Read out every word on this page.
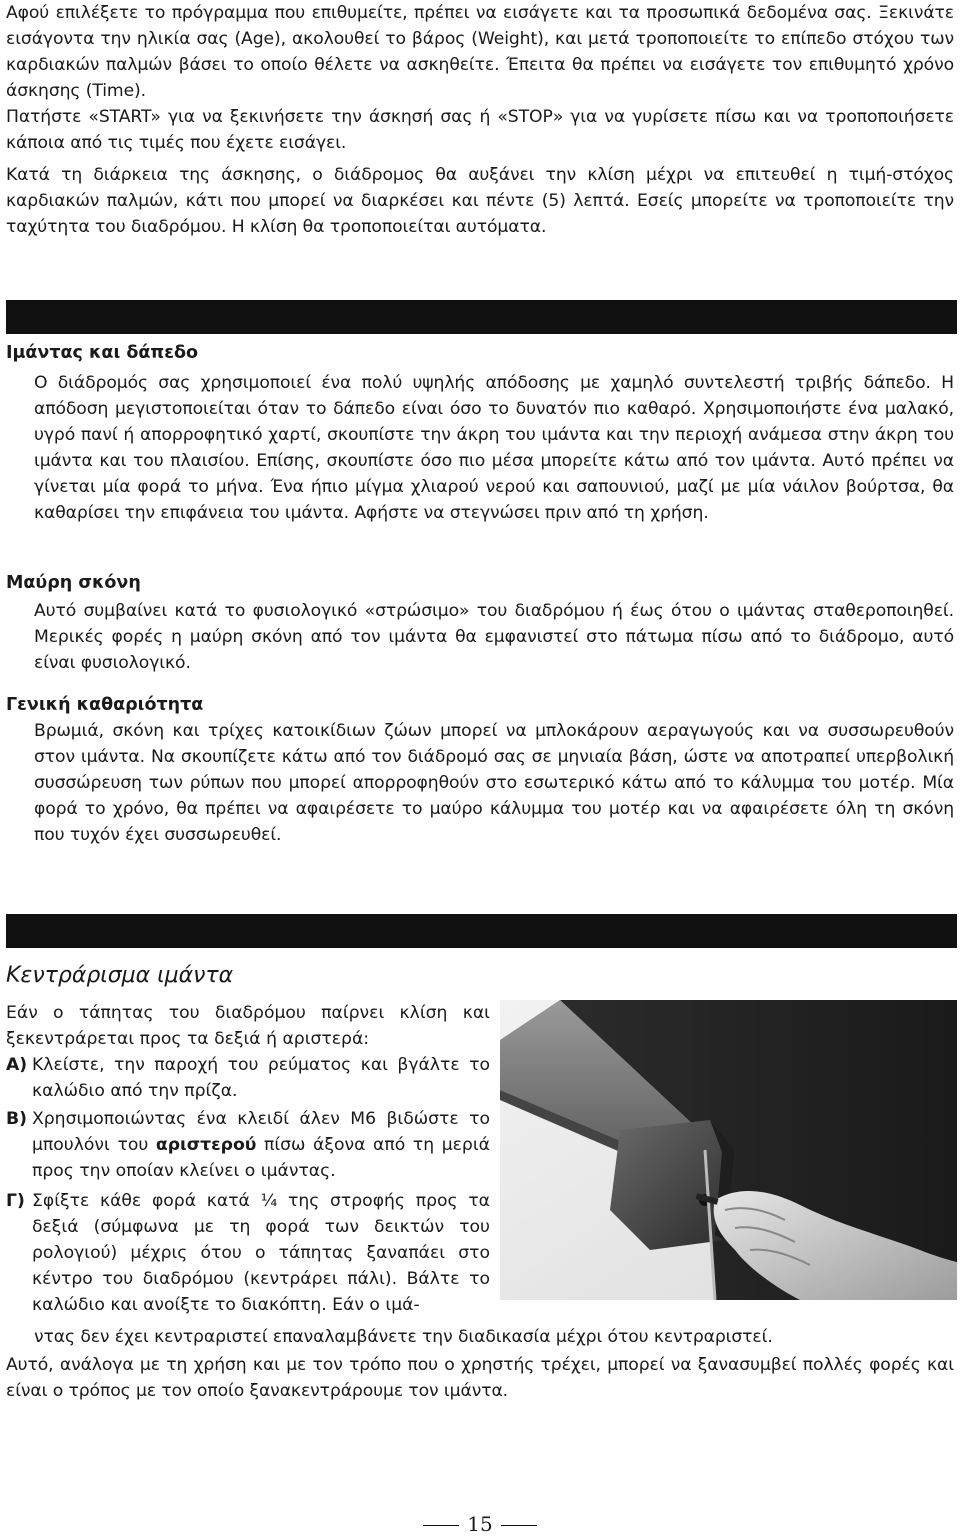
Αφού επιλέξετε το πρόγραμμα που επιθυμείτε, πρέπει να εισάγετε και τα προσωπικά δεδομένα σας. Ξεκινάτε εισάγοντα την ηλικία σας (Age), ακολουθεί το βάρος (Weight), και μετά τροποποιείτε το επίπεδο στόχου των καρδιακών παλμών βάσει το οποίο θέλετε να ασκηθείτε. Έπειτα θα πρέπει να εισάγετε τον επιθυμητό χρόνο άσκησης (Time).

Πατήστε «START» για να ξεκινήσετε την άσκησή σας ή «STOP» για να γυρίσετε πίσω και να τροποποιήσετε κάποια από τις τιμές που έχετε εισάγει.

Κατά τη διάρκεια της άσκησης, ο διάδρομος θα αυξάνει την κλίση μέχρι να επιτευθεί η τιμή-στόχος καρδιακών παλμών, κάτι που μπορεί να διαρκέσει και πέντε (5) λεπτά. Εσείς μπορείτε να τροποποιείτε την ταχύτητα του διαδρόμου. Η κλίση θα τροποποιείται αυτόματα.

ΚΑΘΑΡΙΟΤΗΤΑ
Ιμάντας και δάπεδο

Ο διάδρομός σας χρησιμοποιεί ένα πολύ υψηλής απόδοσης με χαμηλό συντελεστή τριβής δάπεδο. Η απόδοση μεγιστοποιείται όταν το δάπεδο είναι όσο το δυνατόν πιο καθαρό. Χρησιμοποιήστε ένα μαλακό, υγρό πανί ή απορροφητικό χαρτί, σκουπίστε την άκρη του ιμάντα και την περιοχή ανάμεσα στην άκρη του ιμάντα και του πλαισίου. Επίσης, σκουπίστε όσο πιο μέσα μπορείτε κάτω από τον ιμάντα. Αυτό πρέπει να γίνεται μία φορά το μήνα. Ένα ήπιο μίγμα χλιαρού νερού και σαπουνιού, μαζί με μία νάιλον βούρτσα, θα καθαρίσει την επιφάνεια του ιμάντα. Αφήστε να στεγνώσει πριν από τη χρήση.

Μαύρη σκόνη

Αυτό συμβαίνει κατά το φυσιολογικό «στρώσιμο» του διαδρόμου ή έως ότου ο ιμάντας σταθεροποιηθεί. Μερικές φορές η μαύρη σκόνη από τον ιμάντα θα εμφανιστεί στο πάτωμα πίσω από το διάδρομο, αυτό είναι φυσιολογικό.

Γενική καθαριότητα

Βρωμιά, σκόνη και τρίχες κατοικίδιων ζώων μπορεί να μπλοκάρουν αεραγωγούς και να συσσωρευθούν στον ιμάντα. Να σκουπίζετε κάτω από τον διάδρομό σας σε μηνιαία βάση, ώστε να αποτραπεί υπερβολική συσσώρευση των ρύπων που μπορεί απορροφηθούν στο εσωτερικό κάτω από το κάλυμμα του μοτέρ. Μία φορά το χρόνο, θα πρέπει να αφαιρέσετε το μαύρο κάλυμμα του μοτέρ και να αφαιρέσετε όλη τη σκόνη που τυχόν έχει συσσωρευθεί.

ΡΥΘΜΙΣΗ ΙΜΑΝΤΑ
Κεντράρισμα ιμάντα

Εάν ο τάπητας του διαδρόμου παίρνει κλίση και ξεκεντράρεται προς τα δεξιά ή αριστερά:

A) Κλείστε, την παροχή του ρεύματος και βγάλτε το καλώδιο από την πρίζα.
B) Χρησιμοποιώντας ένα κλειδί άλεν M6 βιδώστε το μπουλόνι του αριστερού πίσω άξονα από τη μεριά προς την οποίαν κλείνει ο ιμάντας.
Γ) Σφίξτε κάθε φορά κατά ¼ της στροφής προς τα δεξιά (σύμφωνα με τη φορά των δεικτών του ρολογιού) μέχρις ότου ο τάπητας ξαναπάει στο κέντρο του διαδρόμου (κεντράρει πάλι). Βάλτε το καλώδιο και ανοίξτε το διακόπτη. Εάν ο ιμά-

ντας δεν έχει κεντραριστεί επαναλαμβάνετε την διαδικασία μέχρι ότου κεντραριστεί.

Αυτό, ανάλογα με τη χρήση και με τον τρόπο που ο χρηστής τρέχει, μπορεί να ξανασυμβεί πολλές φορές και είναι ο τρόπος με τον οποίο ξανακεντράρουμε τον ιμάντα.

15
